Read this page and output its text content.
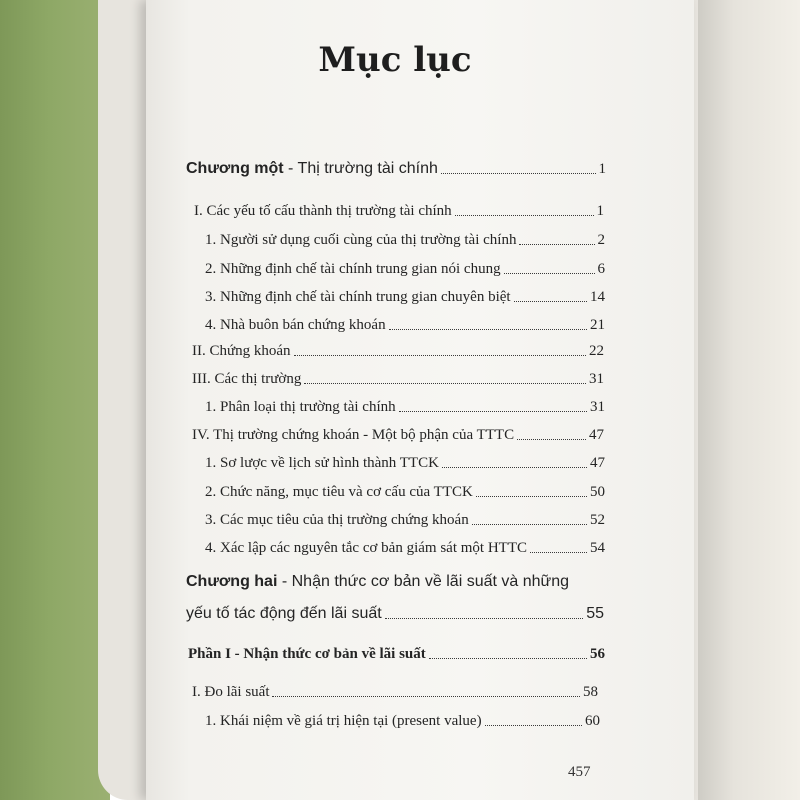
Mục lục
Chương một - Thị trường tài chính	1
I. Các yếu tố cấu thành thị trường tài chính	1
1. Người sử dụng cuối cùng của thị trường tài chính	2
2. Những định chế tài chính trung gian nói chung	6
3. Những định chế tài chính trung gian chuyên biệt	14
4. Nhà buôn bán chứng khoán	21
II. Chứng khoán	22
III. Các thị trường	31
1. Phân loại thị trường tài chính	31
IV. Thị trường chứng khoán - Một bộ phận của TTTC	47
1. Sơ lược về lịch sử hình thành TTCK	47
2. Chức năng, mục tiêu và cơ cấu của TTCK	50
3. Các mục tiêu của thị trường chứng khoán	52
4. Xác lập các nguyên tắc cơ bản giám sát một HTTC	54
Chương hai - Nhận thức cơ bản về lãi suất và những
yếu tố tác động đến lãi suất	55
Phần I - Nhận thức cơ bản về lãi suất	56
I. Đo lãi suất	58
1. Khái niệm về giá trị hiện tại (present value)	60
457
